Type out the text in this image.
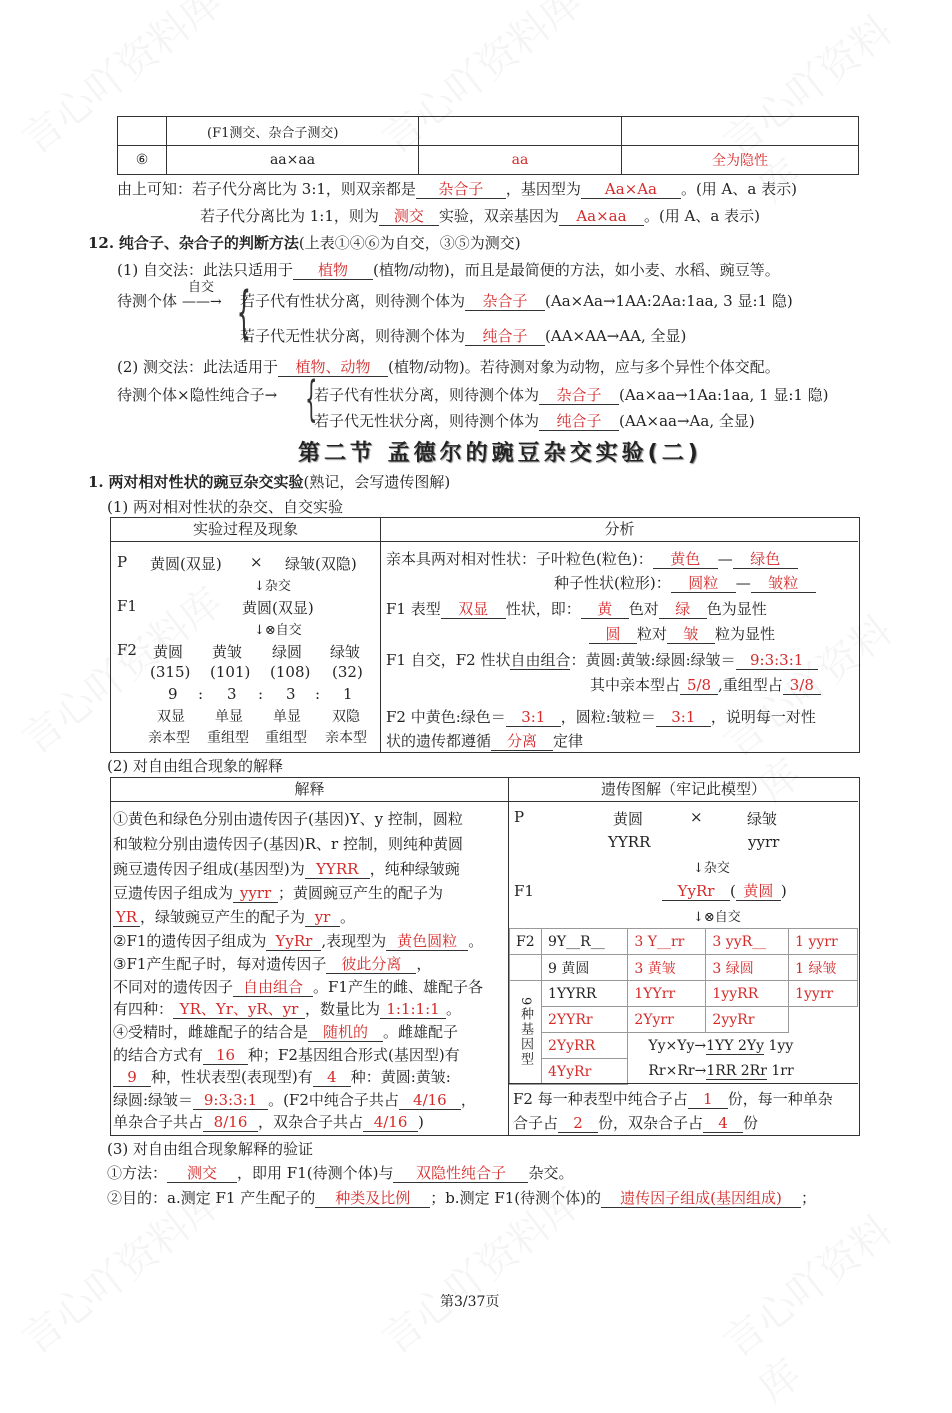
	(F1测交、杂合子测交)		
⑥	aa×aa	aa	全为隐性
由上可知：若子代分离比为 3:1，则双亲都是 杂合子 ，基因型为 Aa×Aa 。(用 A、a 表示)
若子代分离比为 1:1，则为 测交 实验，双亲基因为 Aa×aa 。(用 A、a 表示)
12. 纯合子、杂合子的判断方法(上表①④⑥为自交，③⑤为测交)
(1) 自交法：此法只适用于 植物 (植物/动物)，而且是最简便的方法，如小麦、水稻、豌豆等。
待测个体
自交
——→ {
若子代有性状分离，则待测个体为 杂合子 (Aa×Aa→1AA:2Aa:1aa, 3 显:1 隐)
若子代无性状分离，则待测个体为 纯合子 (AA×AA→AA, 全显)
(2) 测交法：此法适用于 植物、动物 (植物/动物)。若待测对象为动物，应与多个异性个体交配。
待测个体×隐性纯合子→ {
若子代有性状分离，则待测个体为 杂合子 (Aa×aa→1Aa:1aa, 1 显:1 隐)
若子代无性状分离，则待测个体为 纯合子 (AA×aa→Aa, 全显)
第二节 孟德尔的豌豆杂交实验(二)
1. 两对相对性状的豌豆杂交实验(熟记，会写遗传图解)
(1) 两对相对性状的杂交、自交实验
实验过程及现象	分析
P 黄圆(双显) × 绿皱(双隐)
↓杂交
F1	黄圆(双显)
↓⊗自交
F2 黄圆 黄皱 绿圆 绿皱
(315) (101) (108) (32)
9 : 3 : 3 : 1
双显 单显 单显 双隐
亲本型 重组型 重组型 亲本型
亲本具两对相对性状：子叶粒色(粒色)： 黄色 — 绿色
种子性状(粒形)： 圆粒 — 皱粒
F1 表型 双显 性状，即： 黄 色对 绿 色为显性
圆 粒对 皱 粒为显性
F1 自交，F2 性状自由组合：黄圆:黄皱:绿圆:绿皱＝ 9:3:3:1
其中亲本型占 5/8 ,重组型占 3/8
F2 中黄色:绿色＝ 3:1 ，圆粒:皱粒＝ 3:1 ，说明每一对性
状的遗传都遵循 分离 定律
(2) 对自由组合现象的解释
解释	遗传图解（牢记此模型）
①黄色和绿色分别由遗传因子(基因)Y、y 控制，圆粒
和皱粒分别由遗传因子(基因)R、r 控制，则纯种黄圆
豌豆遗传因子组成(基因型)为 YYRR ，纯种绿皱豌
豆遗传因子组成为 yyrr ；黄圆豌豆产生的配子为
YR ，绿皱豌豆产生的配子为 yr 。
②F1的遗传因子组成为 YyRr ,表现型为 黄色圆粒 。
③F1产生配子时，每对遗传因子 彼此分离 ，
不同对的遗传因子 自由组合 。F1产生的雌、雄配子各
有四种： YR、Yr、yR、yr ，数量比为 1:1:1:1 。
④受精时，雌雄配子的结合是 随机的 。雌雄配子
的结合方式有 16 种；F2基因组合形式(基因型)有
9 种，性状表型(表现型)有 4 种：黄圆:黄皱:
绿圆:绿皱＝ 9:3:3:1 。(F2中纯合子共占 4/16 ，
单杂合子共占 8/16 ，双杂合子共占 4/16 )
P	黄圆	×	绿皱
YYRR	yyrr
↓杂交
F1	YyRr ( 黄圆 )
↓⊗自交
F2	9Y__R__	3 Y__rr	3 yyR__	1 yyrr
	9 黄圆	3 黄皱	3 绿圆	1 绿皱
9种基因型	1YYRR	1YYrr	1yyRR	1yyrr
	2YYRr	2Yyrr	2yyRr	
	2YyRR	Yy×Yy→1YY 2Yy 1yy
Rr×Rr→1RR 2Rr 1rr		

	4YyRr			
F2 每一种表型中纯合子占 1 份，每一种单杂
合子占 2 份，双杂合子占 4 份
(3) 对自由组合现象解释的验证
①方法： 测交 ，即用 F1(待测个体)与 双隐性纯合子 杂交。
②目的：a.测定 F1 产生配子的 种类及比例 ；b.测定 F1(待测个体)的 遗传因子组成(基因组成) ；
第3/37页
